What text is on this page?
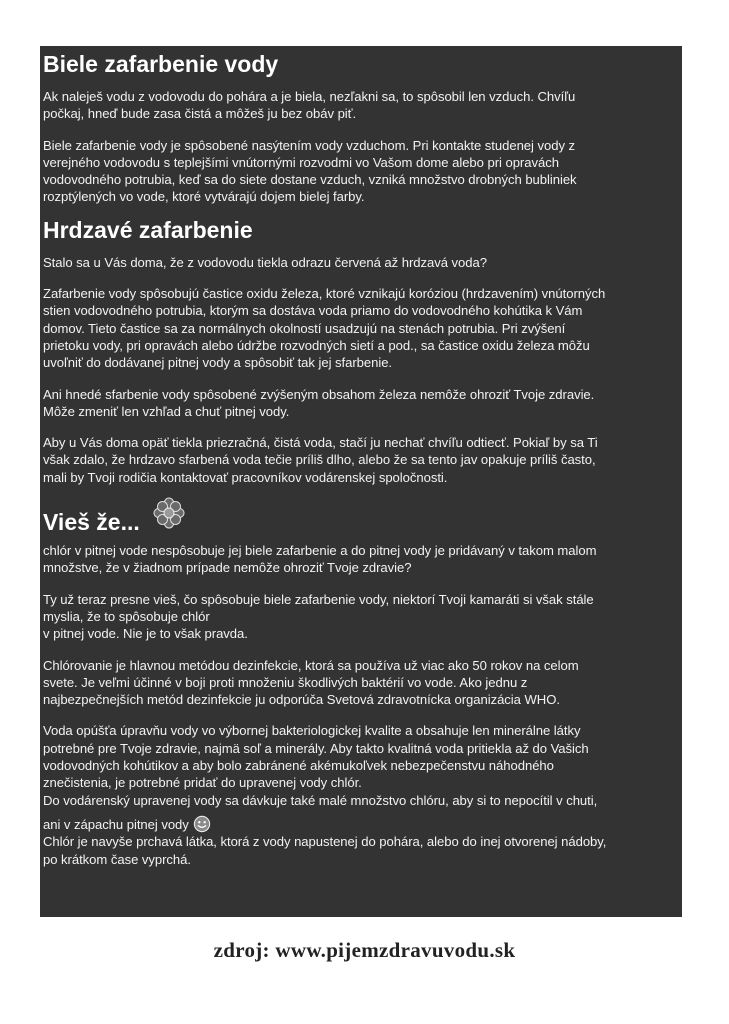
Biele zafarbenie vody

Ak naleješ vodu z vodovodu do pohára a je biela, nezľakni sa, to spôsobil len vzduch. Chvíľu
počkaj, hneď bude zasa čistá a môžeš ju bez obáv piť.

Biele zafarbenie vody je spôsobené nasýtením vody vzduchom. Pri kontakte studenej vody z
verejného vodovodu s teplejšími vnútornými rozvodmi vo Vašom dome alebo pri opravách
vodovodného potrubia, keď sa do siete dostane vzduch, vzniká množstvo drobných bubliniek
rozptýlených vo vode, ktoré vytvárajú dojem bielej farby.

Hrdzavé zafarbenie

Stalo sa u Vás doma, že z vodovodu tiekla odrazu červená až hrdzavá voda?

Zafarbenie vody spôsobujú častice oxidu železa, ktoré vznikajú koróziou (hrdzavením) vnútorných
stien vodovodného potrubia, ktorým sa dostáva voda priamo do vodovodného kohútika k Vám
domov. Tieto častice sa za normálnych okolností usadzujú na stenách potrubia. Pri zvýšení
prietoku vody, pri opravách alebo údržbe rozvodných sietí a pod., sa častice oxidu železa môžu
uvoľniť do dodávanej pitnej vody a spôsobiť tak jej sfarbenie.

Ani hnedé sfarbenie vody spôsobené zvýšeným obsahom železa nemôže ohroziť Tvoje zdravie.
Môže zmeniť len vzhľad a chuť pitnej vody.

Aby u Vás doma opäť tiekla priezračná, čistá voda, stačí ju nechať chvíľu odtiecť. Pokiaľ by sa Ti
však zdalo, že hrdzavo sfarbená voda tečie príliš dlho, alebo že sa tento jav opakuje príliš často,
mali by Tvoji rodičia kontaktovať pracovníkov vodárenskej spoločnosti.

Vieš že...

chlór v pitnej vode nespôsobuje jej biele zafarbenie a do pitnej vody je pridávaný v takom malom
množstve, že v žiadnom prípade nemôže ohroziť Tvoje zdravie?

Ty už teraz presne vieš, čo spôsobuje biele zafarbenie vody, niektorí Tvoji kamaráti si však stále
myslia, že to spôsobuje chlór
v pitnej vode. Nie je to však pravda.

Chlórovanie je hlavnou metódou dezinfekcie, ktorá sa používa už viac ako 50 rokov na celom
svete. Je veľmi účinné v boji proti množeniu škodlivých baktérií vo vode. Ako jednu z
najbezpečnejších metód dezinfekcie ju odporúča Svetová zdravotnícka organizácia WHO.

Voda opúšťa úpravňu vody vo výbornej bakteriologickej kvalite a obsahuje len minerálne látky
potrebné pre Tvoje zdravie, najmä soľ a minerály. Aby takto kvalitná voda pritiekla až do Vašich
vodovodných kohútikov a aby bolo zabránené akémukoľvek nebezpečenstvu náhodného
znečistenia, je potrebné pridať do upravenej vody chlór.
Do vodárenský upravenej vody sa dávkuje také malé množstvo chlóru, aby si to nepocítil v chuti,

ani v zápachu pitnej vody

Chlór je navyše prchavá látka, ktorá z vody napustenej do pohára, alebo do inej otvorenej nádoby,
po krátkom čase vyprchá.

zdroj: www.pijemzdravuvodu.sk
